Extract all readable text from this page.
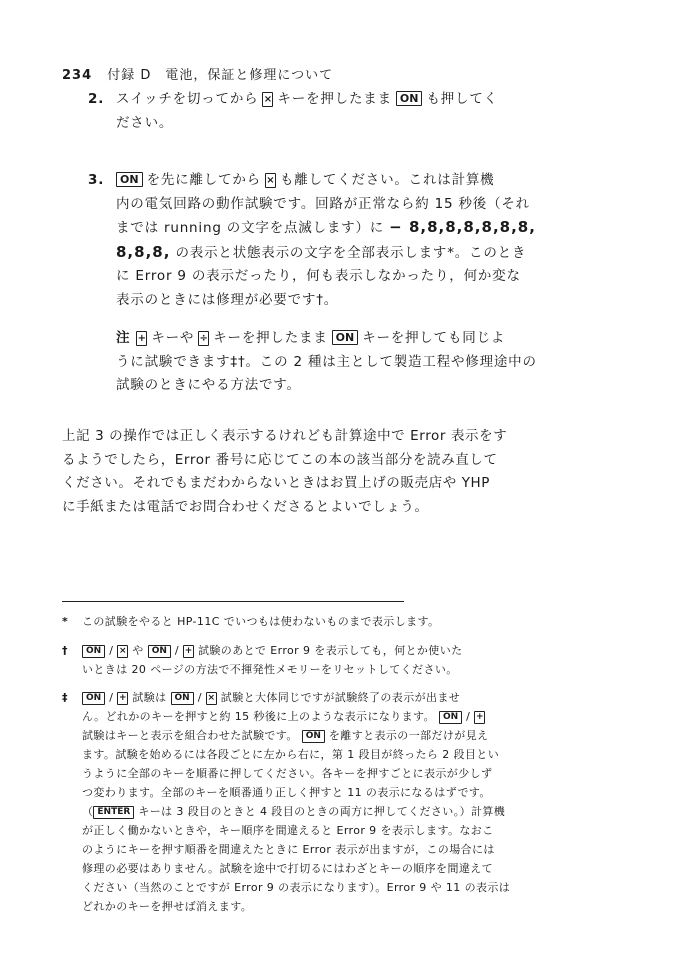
234 付録 D　電池，保証と修理について
2. スイッチを切ってから × キーを押したまま ON も押してく
ださい。
3.	ON を先に離してから × も離してください。これは計算機
内の電気回路の動作試験です。回路が正常なら約 15 秒後（それ
までは running の文字を点滅します）に − 8,8,8,8,8,8,8,
8,8,8, の表示と状態表示の文字を全部表示します*。このとき
に Error 9 の表示だったり，何も表示しなかったり，何か変な
表示のときには修理が必要です†。
注 + キーや ÷ キーを押したまま ON キーを押しても同じよ
うに試験できます‡†。この 2 種は主として製造工程や修理途中の
試験のときにやる方法です。
上記 3 の操作では正しく表示するけれども計算途中で Error 表示をす
るようでしたら，Error 番号に応じてこの本の該当部分を読み直して
ください。それでもまだわからないときはお買上げの販売店や YHP
に手紙または電話でお問合わせくださるとよいでしょう。
* この試験をやると HP-11C でいつもは使わないものまで表示します。
†	ON / × や ON / + 試験のあとで Error 9 を表示しても，何とか使いた
いときは 20 ページの方法で不揮発性メモリーをリセットしてください。
‡	ON / + 試験は ON / × 試験と大体同じですが試験終了の表示が出ませ
ん。どれかのキーを押すと約 15 秒後に上のような表示になります。 ON / +
試験はキーと表示を組合わせた試験です。 ON を離すと表示の一部だけが見え
ます。試験を始めるには各段ごとに左から右に，第 1 段目が終ったら 2 段目とい
うように全部のキーを順番に押してください。各キーを押すごとに表示が少しず
つ変わります。全部のキーを順番通り正しく押すと 11 の表示になるはずです。
（ ENTER キーは 3 段目のときと 4 段目のときの両方に押してください。）計算機
が正しく働かないときや，キー順序を間違えると Error 9 を表示します。なおこ
のようにキーを押す順番を間違えたときに Error 表示が出ますが，この場合には
修理の必要はありません。試験を途中で打切るにはわざとキーの順序を間違えて
ください（当然のことですが Error 9 の表示になります）。Error 9 や 11 の表示は
どれかのキーを押せば消えます。
